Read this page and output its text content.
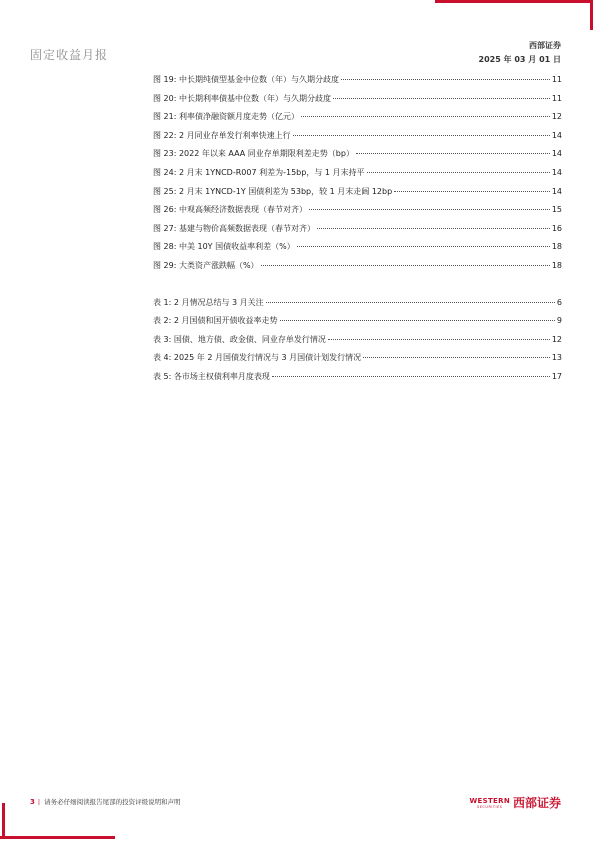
固定收益月报
西部证券
2025 年 03 月 01 日
图 19: 中长期纯债型基金中位数（年）与久期分歧度	11
图 20: 中长期利率债基中位数（年）与久期分歧度	11
图 21: 利率债净融资额月度走势（亿元）	12
图 22: 2 月同业存单发行利率快速上行	14
图 23: 2022 年以来 AAA 同业存单期限利差走势（bp）	14
图 24: 2 月末 1YNCD-R007 利差为-15bp，与 1 月末持平	14
图 25: 2 月末 1YNCD-1Y 国债利差为 53bp，较 1 月末走阔 12bp	14
图 26: 中观高频经济数据表现（春节对齐）	15
图 27: 基建与物价高频数据表现（春节对齐）	16
图 28: 中美 10Y 国债收益率利差（%）	18
图 29: 大类资产涨跌幅（%）	18
表 1: 2 月情况总结与 3 月关注	6
表 2: 2 月国债和国开债收益率走势	9
表 3: 国债、地方债、政金债、同业存单发行情况	12
表 4: 2025 年 2 月国债发行情况与 3 月国债计划发行情况	13
表 5: 各市场主权债利率月度表现	17
3 | 请务必仔细阅读报告尾部的投资评级说明和声明	WESTERN
SECURITIES 西部证券
